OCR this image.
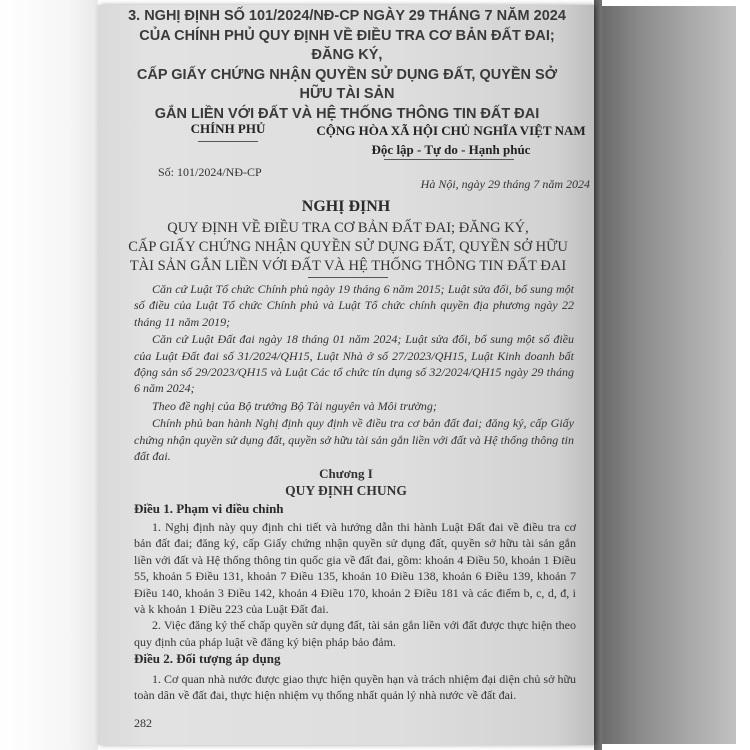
3. NGHỊ ĐỊNH SỐ 101/2024/NĐ-CP NGÀY 29 THÁNG 7 NĂM 2024
CỦA CHÍNH PHỦ QUY ĐỊNH VỀ ĐIỀU TRA CƠ BẢN ĐẤT ĐAI; ĐĂNG KÝ,
CẤP GIẤY CHỨNG NHẬN QUYỀN SỬ DỤNG ĐẤT, QUYỀN SỞ HỮU TÀI SẢN
GẮN LIỀN VỚI ĐẤT VÀ HỆ THỐNG THÔNG TIN ĐẤT ĐAI
CHÍNH PHỦ	CỘNG HÒA XÃ HỘI CHỦ NGHĨA VIỆT NAM
Độc lập - Tự do - Hạnh phúc
Số: 101/2024/NĐ-CP
Hà Nội, ngày 29 tháng 7 năm 2024
NGHỊ ĐỊNH
QUY ĐỊNH VỀ ĐIỀU TRA CƠ BẢN ĐẤT ĐAI; ĐĂNG KÝ,
CẤP GIẤY CHỨNG NHẬN QUYỀN SỬ DỤNG ĐẤT, QUYỀN SỞ HỮU
TÀI SẢN GẮN LIỀN VỚI ĐẤT VÀ HỆ THỐNG THÔNG TIN ĐẤT ĐAI

Căn cứ Luật Tổ chức Chính phủ ngày 19 tháng 6 năm 2015; Luật sửa đổi, bổ sung một số điều của Luật Tổ chức Chính phủ và Luật Tổ chức chính quyền địa phương ngày 22 tháng 11 năm 2019;

Căn cứ Luật Đất đai ngày 18 tháng 01 năm 2024; Luật sửa đổi, bổ sung một số điều của Luật Đất đai số 31/2024/QH15, Luật Nhà ở số 27/2023/QH15, Luật Kinh doanh bất động sản số 29/2023/QH15 và Luật Các tổ chức tín dụng số 32/2024/QH15 ngày 29 tháng 6 năm 2024;

Theo đề nghị của Bộ trưởng Bộ Tài nguyên và Môi trường;

Chính phủ ban hành Nghị định quy định về điều tra cơ bản đất đai; đăng ký, cấp Giấy chứng nhận quyền sử dụng đất, quyền sở hữu tài sản gắn liền với đất và Hệ thống thông tin đất đai.

Chương I
QUY ĐỊNH CHUNG
Điều 1. Phạm vi điều chỉnh

1. Nghị định này quy định chi tiết và hướng dẫn thi hành Luật Đất đai về điều tra cơ bản đất đai; đăng ký, cấp Giấy chứng nhận quyền sử dụng đất, quyền sở hữu tài sản gắn liền với đất và Hệ thống thông tin quốc gia về đất đai, gồm: khoản 4 Điều 50, khoản 1 Điều 55, khoản 5 Điều 131, khoản 7 Điều 135, khoản 10 Điều 138, khoản 6 Điều 139, khoản 7 Điều 140, khoản 3 Điều 142, khoản 4 Điều 170, khoản 2 Điều 181 và các điểm b, c, d, đ, i và k khoản 1 Điều 223 của Luật Đất đai.

2. Việc đăng ký thế chấp quyền sử dụng đất, tài sản gắn liền với đất được thực hiện theo quy định của pháp luật về đăng ký biện pháp bảo đảm.

Điều 2. Đối tượng áp dụng

1. Cơ quan nhà nước được giao thực hiện quyền hạn và trách nhiệm đại diện chủ sở hữu toàn dân về đất đai, thực hiện nhiệm vụ thống nhất quản lý nhà nước về đất đai.

282
